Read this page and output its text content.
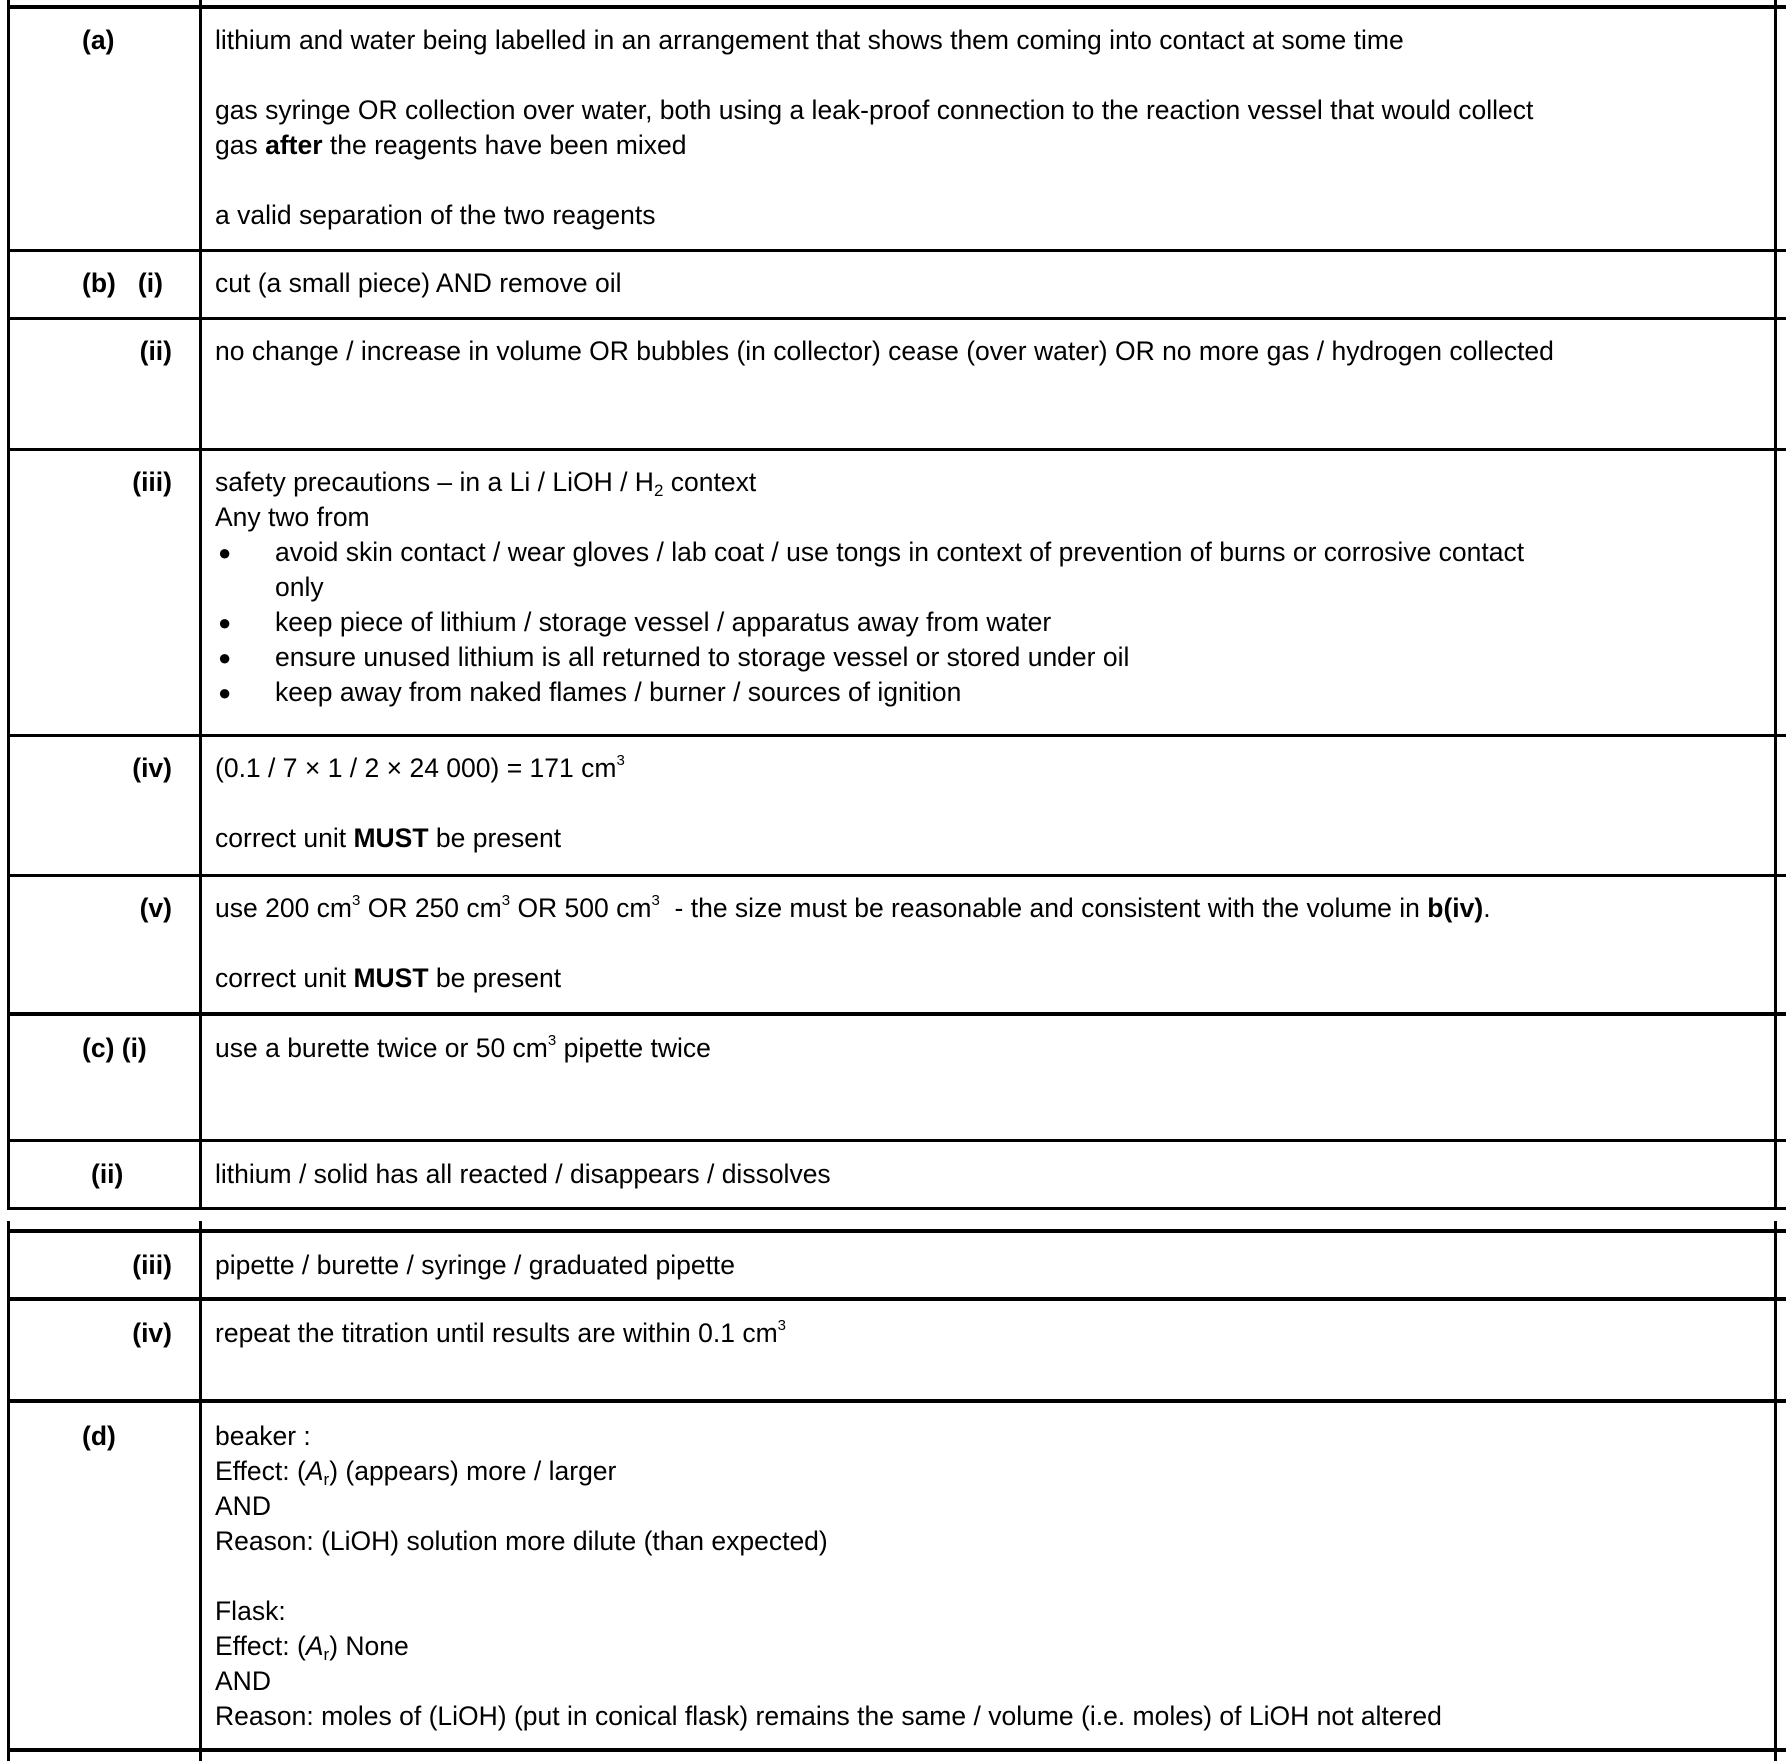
(a)	lithium and water being labelled in an arrangement that shows them coming into contact at some time
gas syringe OR collection over water, both using a leak-proof connection to the reaction vessel that would collect
gas after the reagents have been mixed
a valid separation of the two reagents
(b)   (i) cut (a small piece) AND remove oil
(ii) no change / increase in volume OR bubbles (in collector) cease (over water) OR no more gas / hydrogen collected
(iii) safety precautions – in a Li / LiOH / $H_2$ context
Any two from
● avoid skin contact / wear gloves / lab coat / use tongs in context of prevention of burns or corrosive contact
only
● keep piece of lithium / storage vessel / apparatus away from water
● ensure unused lithium is all returned to storage vessel or stored under oil
● keep away from naked flames / burner / sources of ignition
(iv) (0.1 / 7 × 1 / 2 × 24 000) = 171 $cm^3$
correct unit MUST be present
(v) use 200 $cm^3$ OR 250 $cm^3$ OR 500 $cm^3$  - the size must be reasonable and consistent with the volume in b(iv).
correct unit MUST be present
(c) (i)	use a burette twice or 50 $cm^3$ pipette twice
(ii)	lithium / solid has all reacted / disappears / dissolves
(iii) pipette / burette / syringe / graduated pipette
(iv) repeat the titration until results are within 0.1 $cm^3$
(d)	beaker :
Effect: $(A_r)$ (appears) more / larger
AND
Reason: (LiOH) solution more dilute (than expected)
Flask:
Effect: $(A_r)$ None
AND
Reason: moles of (LiOH) (put in conical flask) remains the same / volume (i.e. moles) of LiOH not altered
